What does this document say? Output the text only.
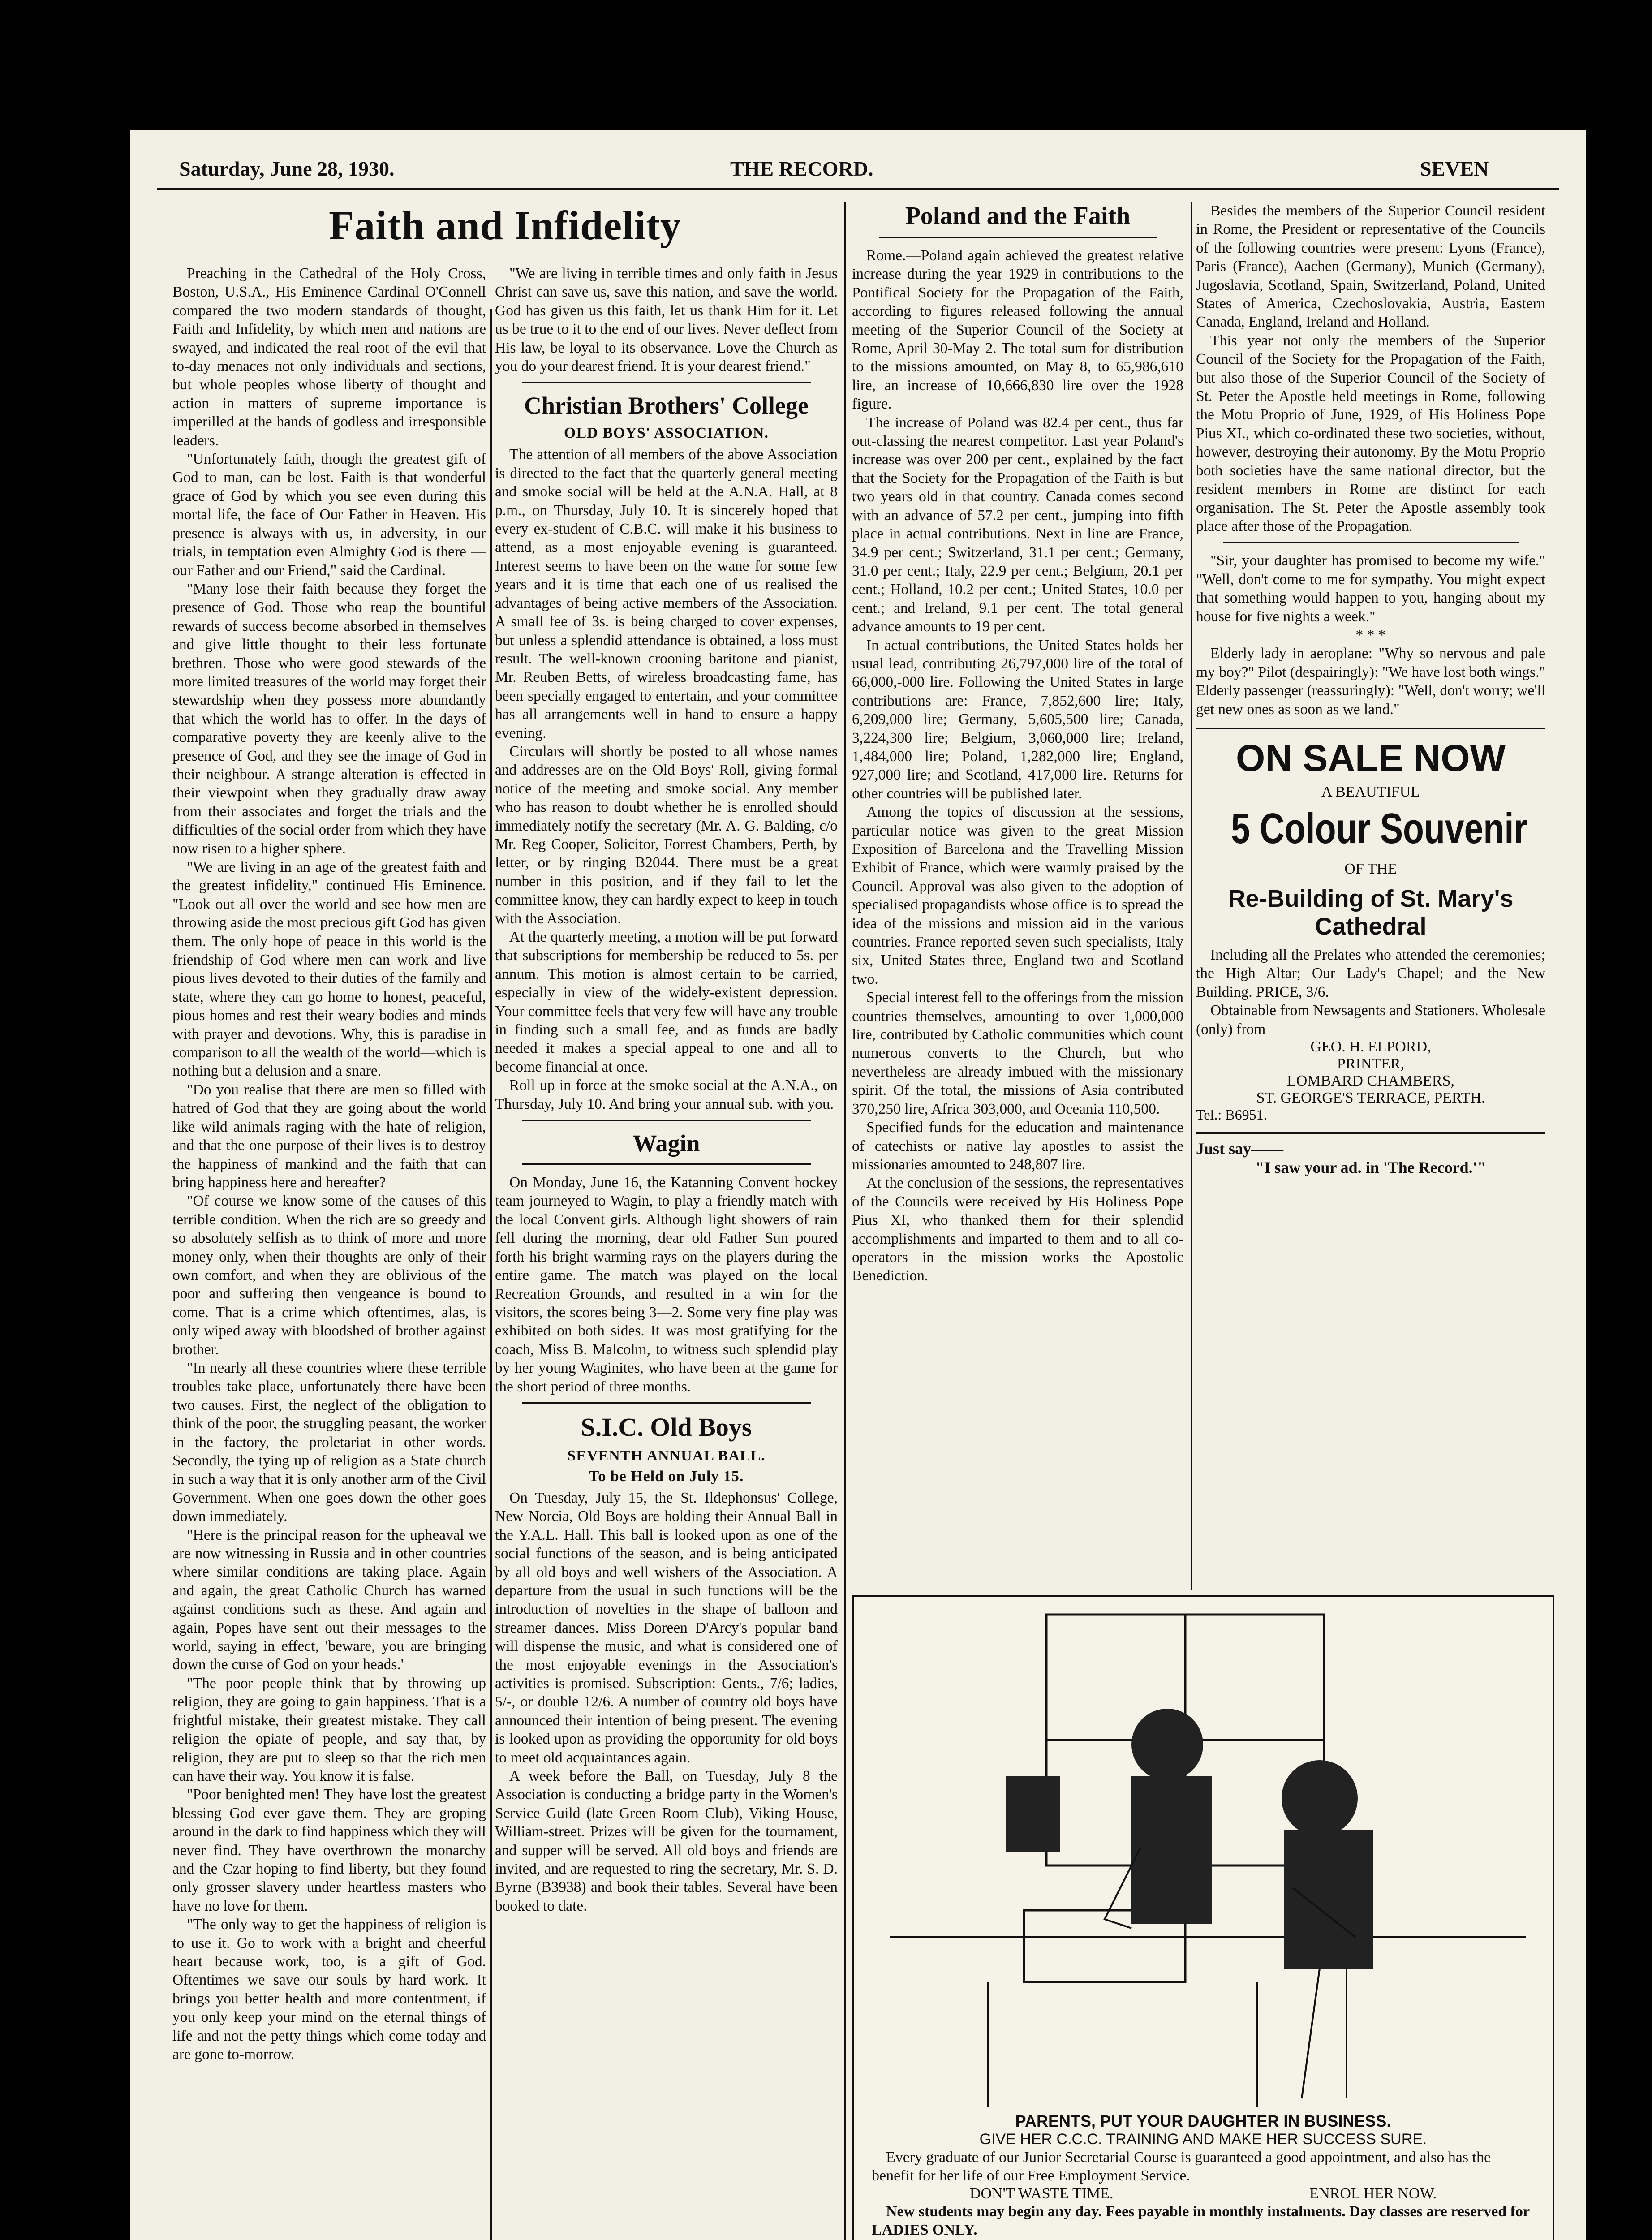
Saturday, June 28, 1930.	THE RECORD.	SEVEN
Faith and Infidelity

Preaching in the Cathedral of the Holy Cross, Boston, U.S.A., His Eminence Cardinal O'Connell compared the two modern standards of thought, Faith and Infidelity, by which men and nations are swayed, and indicated the real root of the evil that to-day menaces not only individuals and sections, but whole peoples whose liberty of thought and action in matters of supreme importance is imperilled at the hands of godless and irresponsible leaders.

"Unfortunately faith, though the greatest gift of God to man, can be lost. Faith is that wonderful grace of God by which you see even during this mortal life, the face of Our Father in Heaven. His presence is always with us, in adversity, in our trials, in temptation even Almighty God is there —our Father and our Friend," said the Cardinal.

"Many lose their faith because they forget the presence of God. Those who reap the bountiful rewards of success become absorbed in themselves and give little thought to their less fortunate brethren. Those who were good stewards of the more limited treasures of the world may forget their stewardship when they possess more abundantly that which the world has to offer. In the days of comparative poverty they are keenly alive to the presence of God, and they see the image of God in their neighbour. A strange alteration is effected in their viewpoint when they gradually draw away from their associates and forget the trials and the difficulties of the social order from which they have now risen to a higher sphere.

"We are living in an age of the greatest faith and the greatest infidelity," continued His Eminence. "Look out all over the world and see how men are throwing aside the most precious gift God has given them. The only hope of peace in this world is the friendship of God where men can work and live pious lives devoted to their duties of the family and state, where they can go home to honest, peaceful, pious homes and rest their weary bodies and minds with prayer and devotions. Why, this is paradise in comparison to all the wealth of the world—which is nothing but a delusion and a snare.

"Do you realise that there are men so filled with hatred of God that they are going about the world like wild animals raging with the hate of religion, and that the one purpose of their lives is to destroy the happiness of mankind and the faith that can bring happiness here and hereafter?

"Of course we know some of the causes of this terrible condition. When the rich are so greedy and so absolutely selfish as to think of more and more money only, when their thoughts are only of their own comfort, and when they are oblivious of the poor and suffering then vengeance is bound to come. That is a crime which oftentimes, alas, is only wiped away with bloodshed of brother against brother.

"In nearly all these countries where these terrible troubles take place, unfortunately there have been two causes. First, the neglect of the obligation to think of the poor, the struggling peasant, the worker in the factory, the proletariat in other words. Secondly, the tying up of religion as a State church in such a way that it is only another arm of the Civil Government. When one goes down the other goes down immediately.

"Here is the principal reason for the upheaval we are now witnessing in Russia and in other countries where similar conditions are taking place. Again and again, the great Catholic Church has warned against conditions such as these. And again and again, Popes have sent out their messages to the world, saying in effect, 'beware, you are bringing down the curse of God on your heads.'

"The poor people think that by throwing up religion, they are going to gain happiness. That is a frightful mistake, their greatest mistake. They call religion the opiate of people, and say that, by religion, they are put to sleep so that the rich men can have their way. You know it is false.

"Poor benighted men! They have lost the greatest blessing God ever gave them. They are groping around in the dark to find happiness which they will never find. They have overthrown the monarchy and the Czar hoping to find liberty, but they found only grosser slavery under heartless masters who have no love for them.

"The only way to get the happiness of religion is to use it. Go to work with a bright and cheerful heart because work, too, is a gift of God. Oftentimes we save our souls by hard work. It brings you better health and more contentment, if you only keep your mind on the eternal things of life and not the petty things which come today and are gone to-morrow.

"We are living in terrible times and only faith in Jesus Christ can save us, save this nation, and save the world. God has given us this faith, let us thank Him for it. Let us be true to it to the end of our lives. Never deflect from His law, be loyal to its observance. Love the Church as you do your dearest friend. It is your dearest friend."

Christian Brothers' College
OLD BOYS' ASSOCIATION.

The attention of all members of the above Association is directed to the fact that the quarterly general meeting and smoke social will be held at the A.N.A. Hall, at 8 p.m., on Thursday, July 10. It is sincerely hoped that every ex-student of C.B.C. will make it his business to attend, as a most enjoyable evening is guaranteed. Interest seems to have been on the wane for some few years and it is time that each one of us realised the advantages of being active members of the Association. A small fee of 3s. is being charged to cover expenses, but unless a splendid attendance is obtained, a loss must result. The well-known crooning baritone and pianist, Mr. Reuben Betts, of wireless broadcasting fame, has been specially engaged to entertain, and your committee has all arrangements well in hand to ensure a happy evening.

Circulars will shortly be posted to all whose names and addresses are on the Old Boys' Roll, giving formal notice of the meeting and smoke social. Any member who has reason to doubt whether he is enrolled should immediately notify the secretary (Mr. A. G. Balding, c/o Mr. Reg Cooper, Solicitor, Forrest Chambers, Perth, by letter, or by ringing B2044. There must be a great number in this position, and if they fail to let the committee know, they can hardly expect to keep in touch with the Association.

At the quarterly meeting, a motion will be put forward that subscriptions for membership be reduced to 5s. per annum. This motion is almost certain to be carried, especially in view of the widely-existent depression. Your committee feels that very few will have any trouble in finding such a small fee, and as funds are badly needed it makes a special appeal to one and all to become financial at once.

Roll up in force at the smoke social at the A.N.A., on Thursday, July 10. And bring your annual sub. with you.

Wagin

On Monday, June 16, the Katanning Convent hockey team journeyed to Wagin, to play a friendly match with the local Convent girls. Although light showers of rain fell during the morning, dear old Father Sun poured forth his bright warming rays on the players during the entire game. The match was played on the local Recreation Grounds, and resulted in a win for the visitors, the scores being 3—2. Some very fine play was exhibited on both sides. It was most gratifying for the coach, Miss B. Malcolm, to witness such splendid play by her young Waginites, who have been at the game for the short period of three months.

S.I.C. Old Boys
SEVENTH ANNUAL BALL.
To be Held on July 15.

On Tuesday, July 15, the St. Ildephonsus' College, New Norcia, Old Boys are holding their Annual Ball in the Y.A.L. Hall. This ball is looked upon as one of the social functions of the season, and is being anticipated by all old boys and well wishers of the Association. A departure from the usual in such functions will be the introduction of novelties in the shape of balloon and streamer dances. Miss Doreen D'Arcy's popular band will dispense the music, and what is considered one of the most enjoyable evenings in the Association's activities is promised. Subscription: Gents., 7/6; ladies, 5/-, or double 12/6. A number of country old boys have announced their intention of being present. The evening is looked upon as providing the opportunity for old boys to meet old acquaintances again.

A week before the Ball, on Tuesday, July 8 the Association is conducting a bridge party in the Women's Service Guild (late Green Room Club), Viking House, William-street. Prizes will be given for the tournament, and supper will be served. All old boys and friends are invited, and are requested to ring the secretary, Mr. S. D. Byrne (B3938) and book their tables. Several have been booked to date.

Poland and the Faith

Rome.—Poland again achieved the greatest relative increase during the year 1929 in contributions to the Pontifical Society for the Propagation of the Faith, according to figures released following the annual meeting of the Superior Council of the Society at Rome, April 30-May 2. The total sum for distribution to the missions amounted, on May 8, to 65,986,610 lire, an increase of 10,666,830 lire over the 1928 figure.

The increase of Poland was 82.4 per cent., thus far out-classing the nearest competitor. Last year Poland's increase was over 200 per cent., explained by the fact that the Society for the Propagation of the Faith is but two years old in that country. Canada comes second with an advance of 57.2 per cent., jumping into fifth place in actual contributions. Next in line are France, 34.9 per cent.; Switzerland, 31.1 per cent.; Germany, 31.0 per cent.; Italy, 22.9 per cent.; Belgium, 20.1 per cent.; Holland, 10.2 per cent.; United States, 10.0 per cent.; and Ireland, 9.1 per cent. The total general advance amounts to 19 per cent.

In actual contributions, the United States holds her usual lead, contributing 26,797,000 lire of the total of 66,000,-000 lire. Following the United States in large contributions are: France, 7,852,600 lire; Italy, 6,209,000 lire; Germany, 5,605,500 lire; Canada, 3,224,300 lire; Belgium, 3,060,000 lire; Ireland, 1,484,000 lire; Poland, 1,282,000 lire; England, 927,000 lire; and Scotland, 417,000 lire. Returns for other countries will be published later.

Among the topics of discussion at the sessions, particular notice was given to the great Mission Exposition of Barcelona and the Travelling Mission Exhibit of France, which were warmly praised by the Council. Approval was also given to the adoption of specialised propagandists whose office is to spread the idea of the missions and mission aid in the various countries. France reported seven such specialists, Italy six, United States three, England two and Scotland two.

Special interest fell to the offerings from the mission countries themselves, amounting to over 1,000,000 lire, contributed by Catholic communities which count numerous converts to the Church, but who nevertheless are already imbued with the missionary spirit. Of the total, the missions of Asia contributed 370,250 lire, Africa 303,000, and Oceania 110,500.

Specified funds for the education and maintenance of catechists or native lay apostles to assist the missionaries amounted to 248,807 lire.

At the conclusion of the sessions, the representatives of the Councils were received by His Holiness Pope Pius XI, who thanked them for their splendid accomplishments and imparted to them and to all co-operators in the mission works the Apostolic Benediction.

Besides the members of the Superior Council resident in Rome, the President or representative of the Councils of the following countries were present: Lyons (France), Paris (France), Aachen (Germany), Munich (Germany), Jugoslavia, Scotland, Spain, Switzerland, Poland, United States of America, Czechoslovakia, Austria, Eastern Canada, England, Ireland and Holland.

This year not only the members of the Superior Council of the Society for the Propagation of the Faith, but also those of the Superior Council of the Society of St. Peter the Apostle held meetings in Rome, following the Motu Proprio of June, 1929, of His Holiness Pope Pius XI., which co-ordinated these two societies, without, however, destroying their autonomy. By the Motu Proprio both societies have the same national director, but the resident members in Rome are distinct for each organisation. The St. Peter the Apostle assembly took place after those of the Propagation.

"Sir, your daughter has promised to become my wife." "Well, don't come to me for sympathy. You might expect that something would happen to you, hanging about my house for five nights a week."

* * *

Elderly lady in aeroplane: "Why so nervous and pale my boy?" Pilot (despairingly): "We have lost both wings." Elderly passenger (reassuringly): "Well, don't worry; we'll get new ones as soon as we land."

ON SALE NOW
A BEAUTIFUL
5 Colour Souvenir
OF THE
Re-Building of St. Mary's Cathedral

Including all the Prelates who attended the ceremonies; the High Altar; Our Lady's Chapel; and the New Building. PRICE, 3/6.

Obtainable from Newsagents and Stationers. Wholesale (only) from

GEO. H. ELPORD,
PRINTER,
LOMBARD CHAMBERS,
ST. GEORGE'S TERRACE, PERTH.
Tel.: B6951.
Just say——
"I saw your ad. in 'The Record.'"
PARENTS, PUT YOUR DAUGHTER IN BUSINESS.
GIVE HER C.C.C. TRAINING AND MAKE HER SUCCESS SURE.

Every graduate of our Junior Secretarial Course is guaranteed a good appointment, and also has the benefit for her life of our Free Employment Service.

DON'T WASTE TIME.	ENROL HER NOW.

New students may begin any day. Fees payable in monthly instalments. Day classes are reserved for LADIES ONLY.
